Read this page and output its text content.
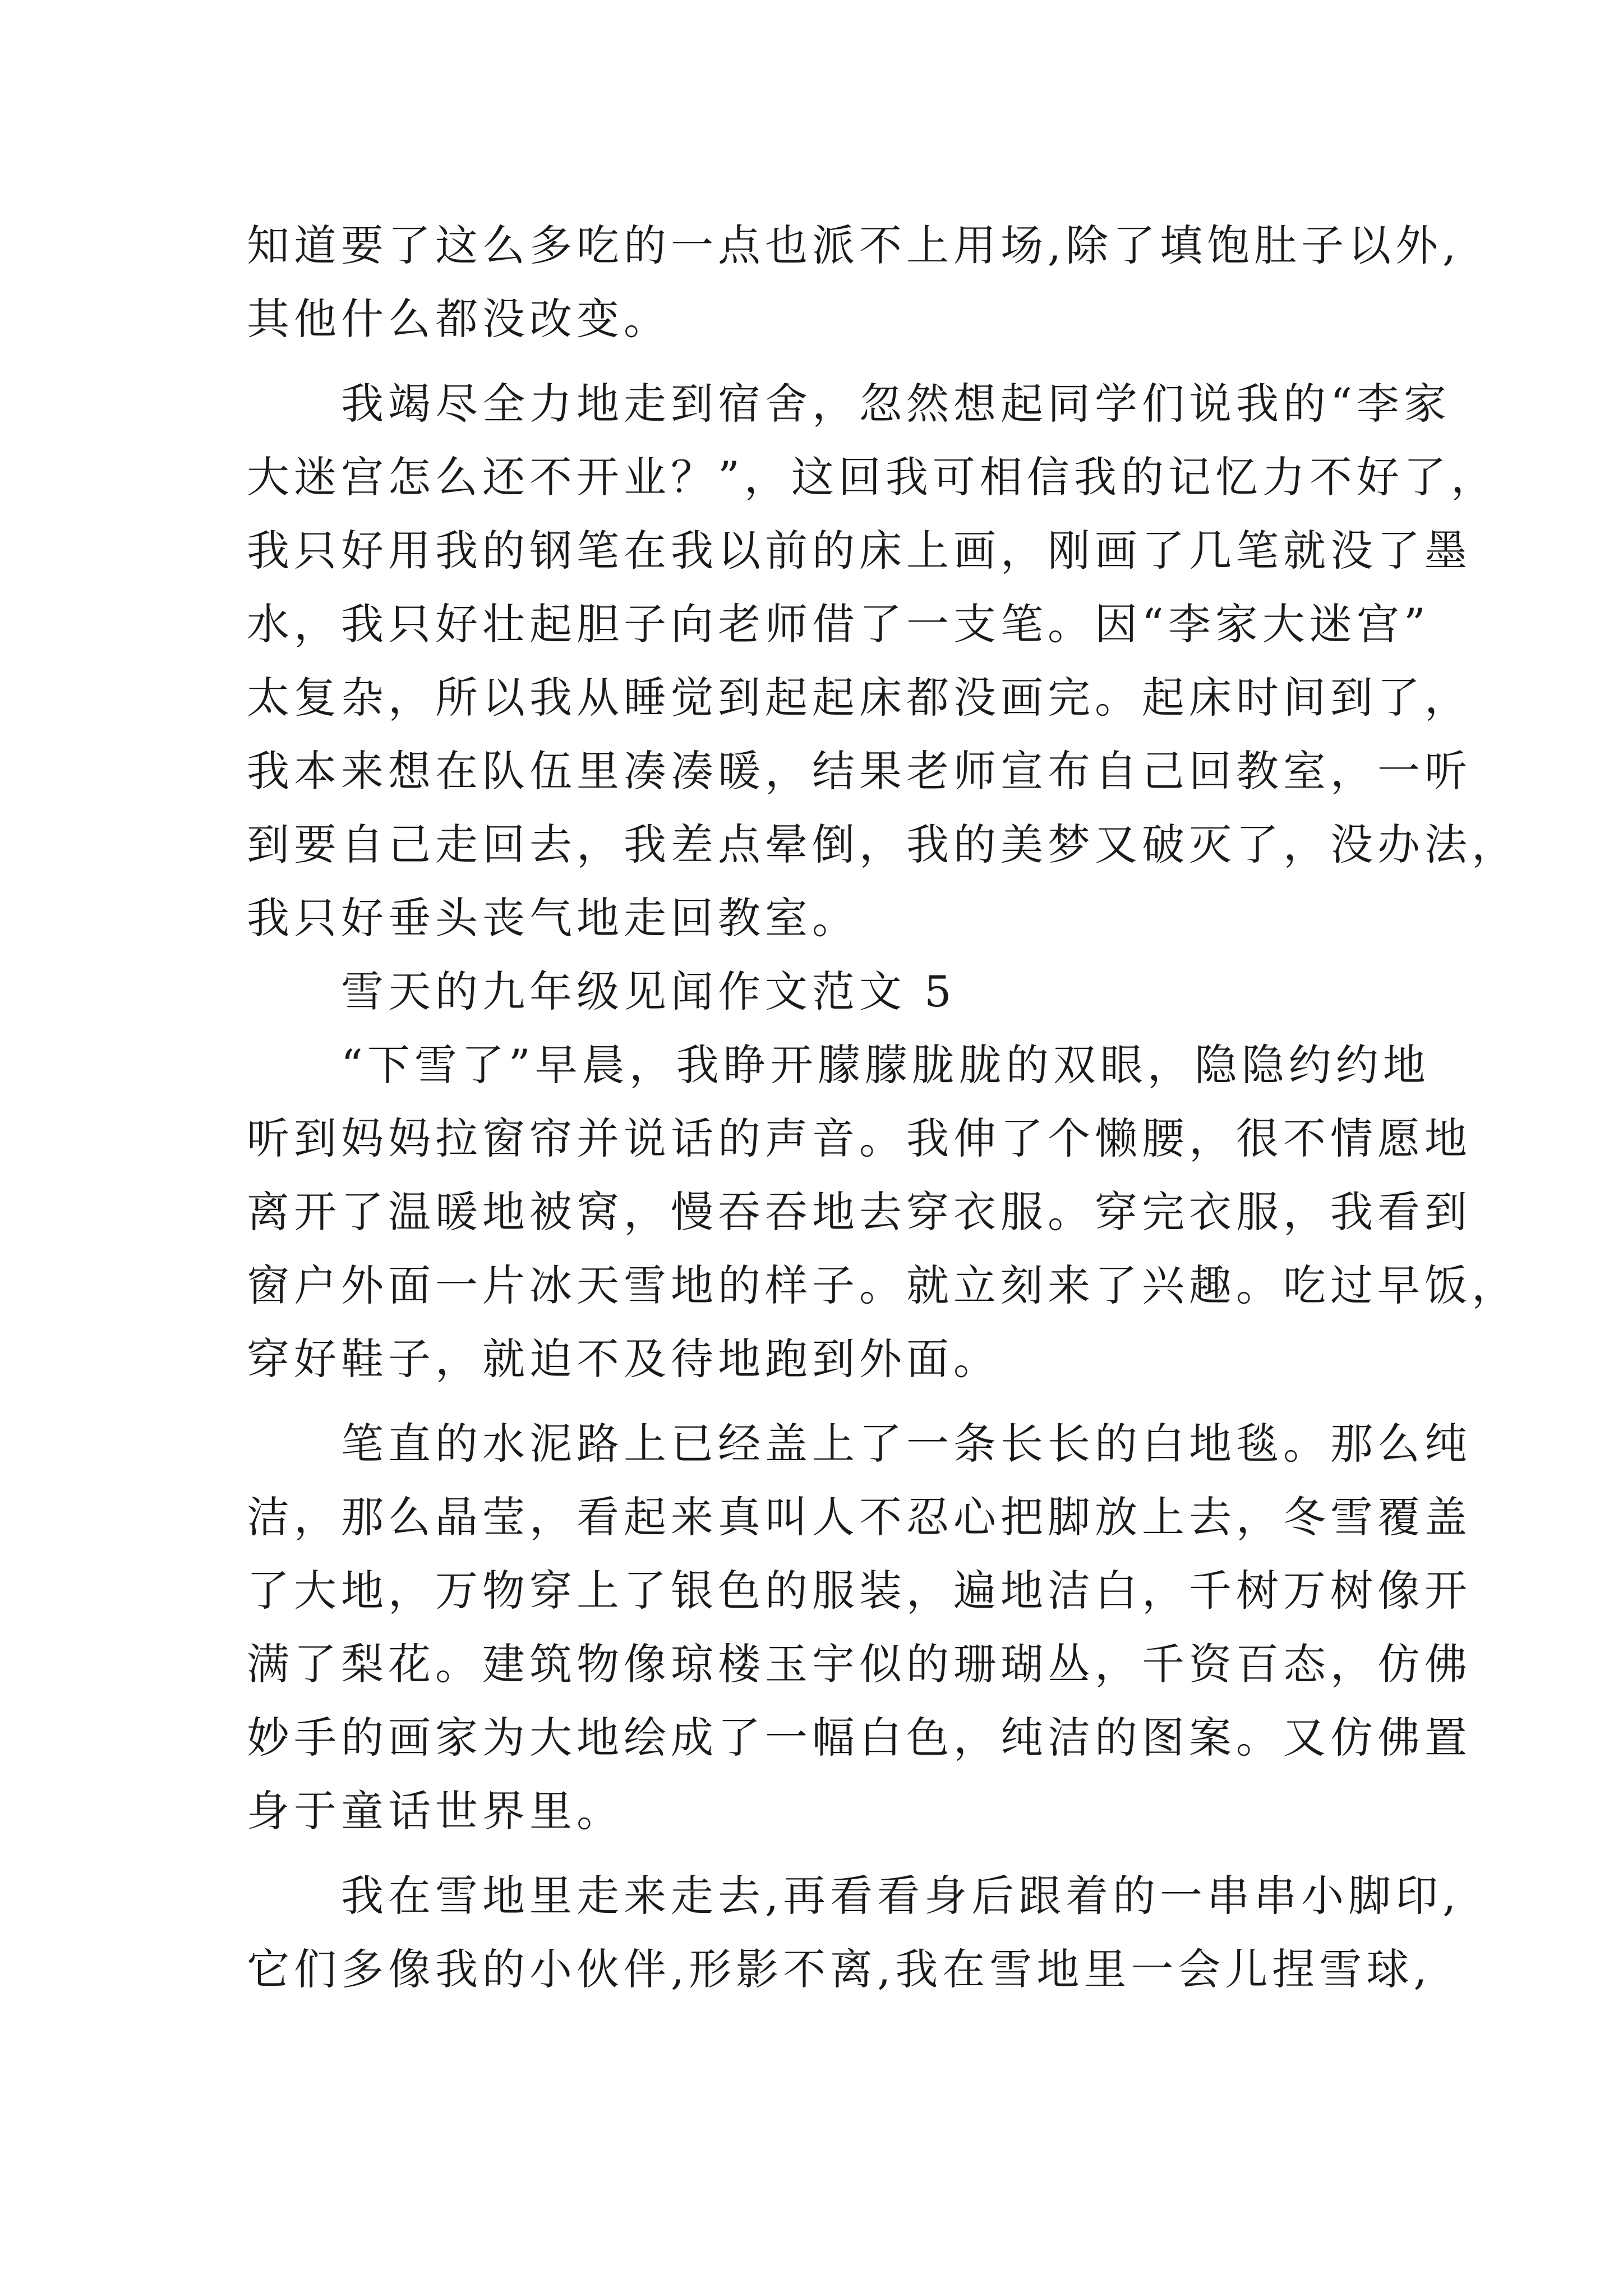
知道要了这么多吃的一点也派不上用场,除了填饱肚子以外,
其他什么都没改变。
我竭尽全力地走到宿舍，忽然想起同学们说我的“李家
大迷宫怎么还不开业？”，这回我可相信我的记忆力不好了，
我只好用我的钢笔在我以前的床上画，刚画了几笔就没了墨
水，我只好壮起胆子向老师借了一支笔。因“李家大迷宫”
太复杂，所以我从睡觉到起起床都没画完。起床时间到了，
我本来想在队伍里凑凑暖，结果老师宣布自己回教室，一听
到要自己走回去，我差点晕倒，我的美梦又破灭了，没办法，
我只好垂头丧气地走回教室。
雪天的九年级见闻作文范文 5
“下雪了”早晨，我睁开朦朦胧胧的双眼，隐隐约约地
听到妈妈拉窗帘并说话的声音。我伸了个懒腰，很不情愿地
离开了温暖地被窝，慢吞吞地去穿衣服。穿完衣服，我看到
窗户外面一片冰天雪地的样子。就立刻来了兴趣。吃过早饭，
穿好鞋子，就迫不及待地跑到外面。
笔直的水泥路上已经盖上了一条长长的白地毯。那么纯
洁，那么晶莹，看起来真叫人不忍心把脚放上去，冬雪覆盖
了大地，万物穿上了银色的服装，遍地洁白，千树万树像开
满了梨花。建筑物像琼楼玉宇似的珊瑚丛，千资百态，仿佛
妙手的画家为大地绘成了一幅白色，纯洁的图案。又仿佛置
身于童话世界里。
我在雪地里走来走去,再看看身后跟着的一串串小脚印,
它们多像我的小伙伴,形影不离,我在雪地里一会儿捏雪球,
